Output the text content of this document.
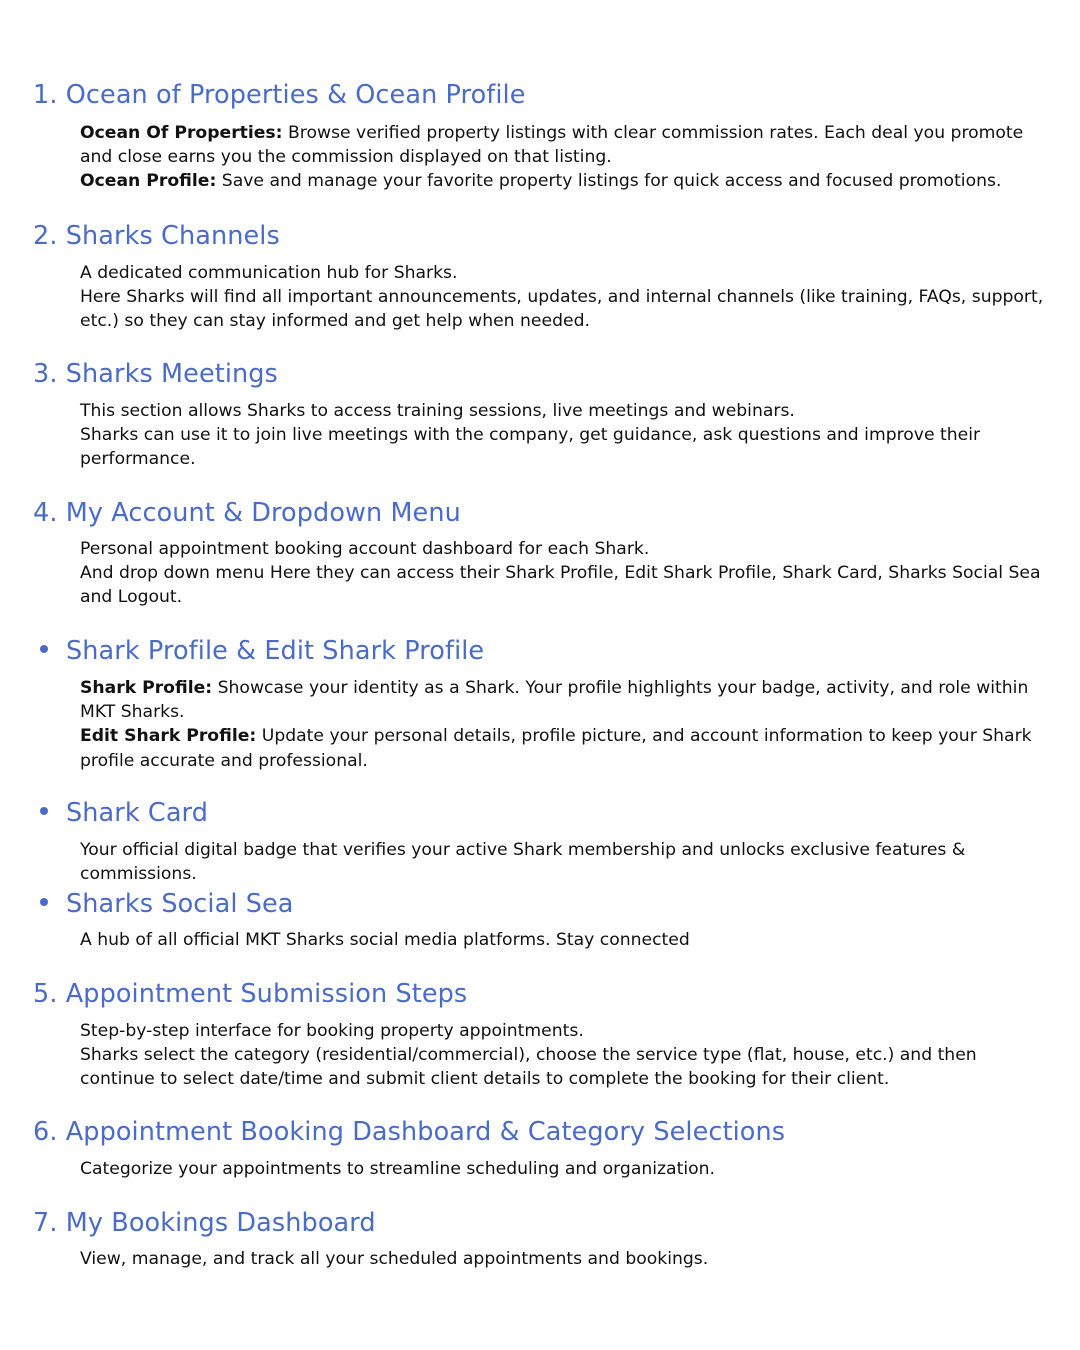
1. Ocean of Properties & Ocean Profile

Ocean Of Properties: Browse verified property listings with clear commission rates. Each deal you promote and close earns you the commission displayed on that listing.

Ocean Profile: Save and manage your favorite property listings for quick access and focused promotions.

2. Sharks Channels

A dedicated communication hub for Sharks.

Here Sharks will find all important announcements, updates, and internal channels (like training, FAQs, support, etc.) so they can stay informed and get help when needed.

3. Sharks Meetings

This section allows Sharks to access training sessions, live meetings and webinars.

Sharks can use it to join live meetings with the company, get guidance, ask questions and improve their performance.

4. My Account & Dropdown Menu

Personal appointment booking account dashboard for each Shark.

And drop down menu Here they can access their Shark Profile, Edit Shark Profile, Shark Card, Sharks Social Sea and Logout.

Shark Profile & Edit Shark Profile

Shark Profile: Showcase your identity as a Shark. Your profile highlights your badge, activity, and role within MKT Sharks.

Edit Shark Profile: Update your personal details, profile picture, and account information to keep your Shark profile accurate and professional.

Shark Card

Your official digital badge that verifies your active Shark membership and unlocks exclusive features & commissions.

Sharks Social Sea

A hub of all official MKT Sharks social media platforms. Stay connected

5. Appointment Submission Steps

Step-by-step interface for booking property appointments.

Sharks select the category (residential/commercial), choose the service type (flat, house, etc.) and then continue to select date/time and submit client details to complete the booking for their client.

6. Appointment Booking Dashboard & Category Selections

Categorize your appointments to streamline scheduling and organization.

7. My Bookings Dashboard

View, manage, and track all your scheduled appointments and bookings.
